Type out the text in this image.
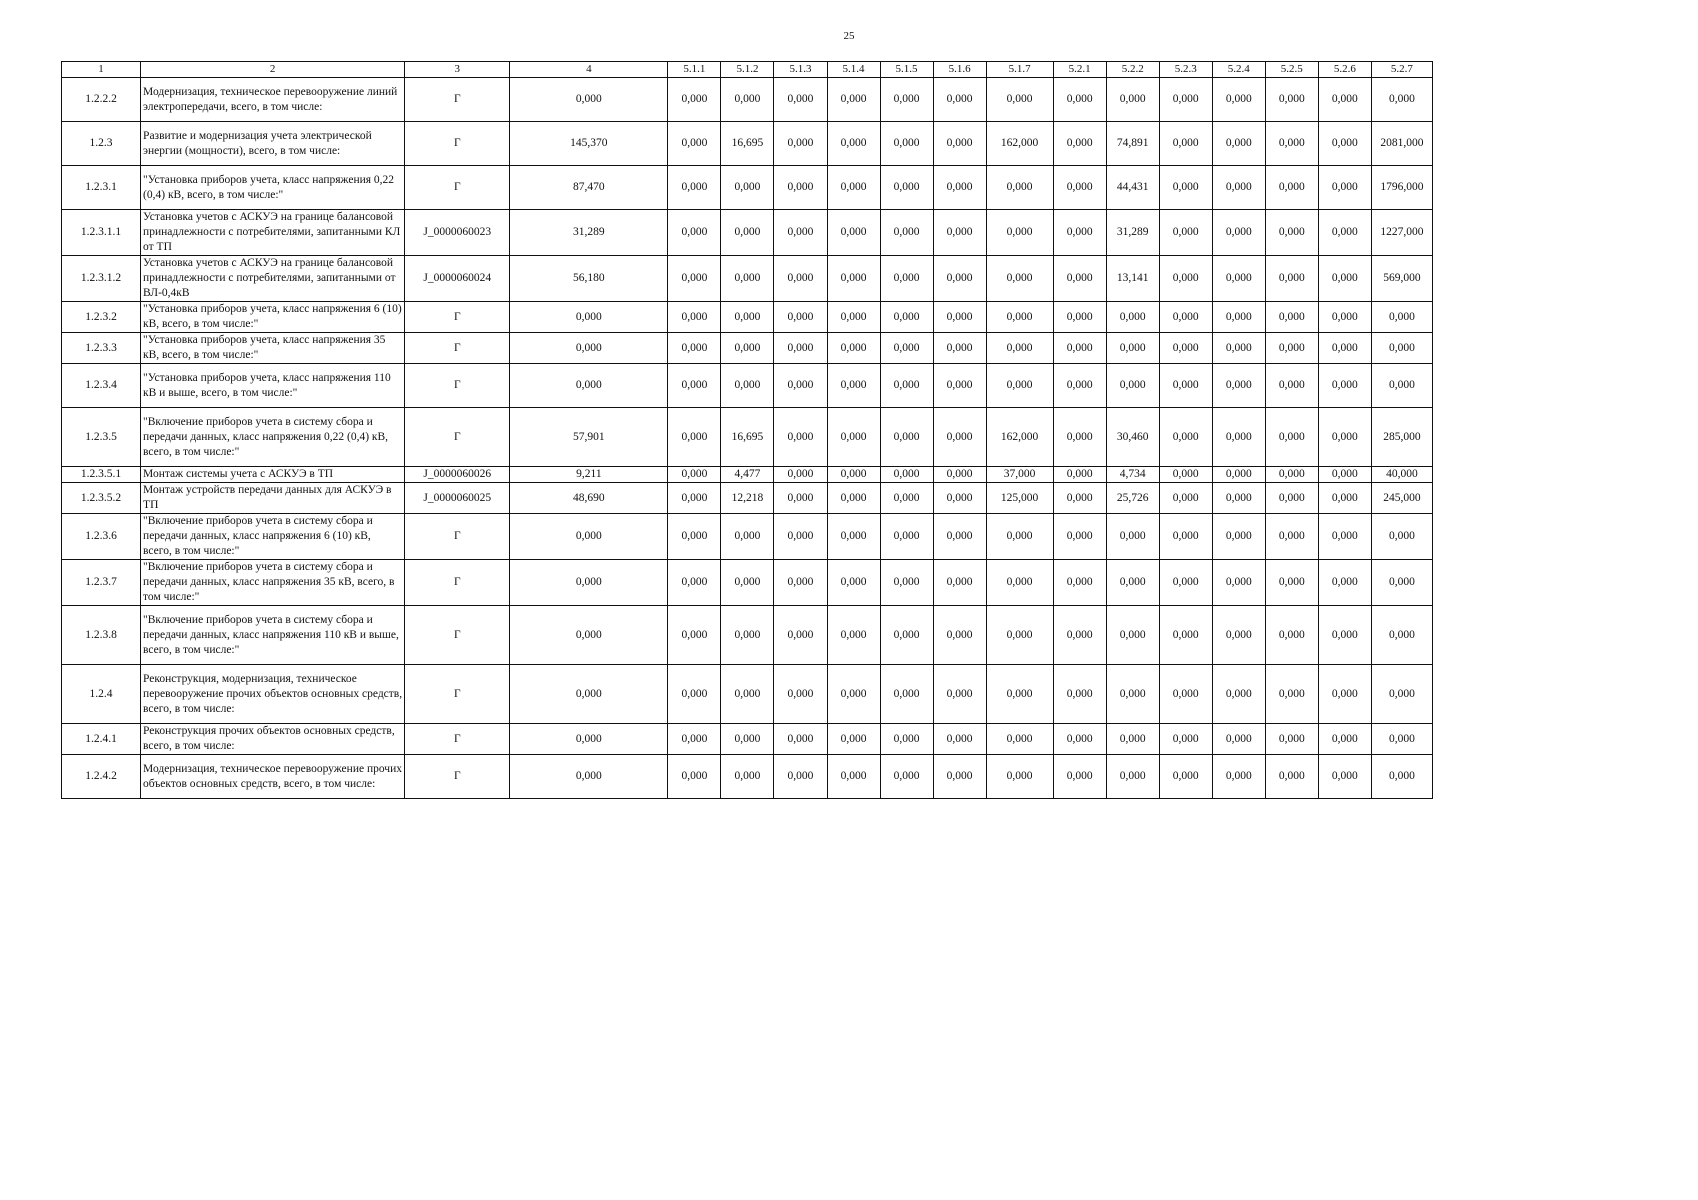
25
1	2	3	4	5.1.1	5.1.2	5.1.3	5.1.4	5.1.5	5.1.6	5.1.7	5.2.1	5.2.2	5.2.3	5.2.4	5.2.5	5.2.6	5.2.7
1.2.2.2	Модернизация, техническое перевооружение линий электропередачи, всего, в том числе:	Г	0,000	0,000	0,000	0,000	0,000	0,000	0,000	0,000	0,000	0,000	0,000	0,000	0,000	0,000	0,000
1.2.3	Развитие и модернизация учета электрической энергии (мощности), всего, в том числе:	Г	145,370	0,000	16,695	0,000	0,000	0,000	0,000	162,000	0,000	74,891	0,000	0,000	0,000	0,000	2081,000
1.2.3.1	"Установка приборов учета, класс напряжения 0,22 (0,4) кВ, всего, в том числе:"	Г	87,470	0,000	0,000	0,000	0,000	0,000	0,000	0,000	0,000	44,431	0,000	0,000	0,000	0,000	1796,000
1.2.3.1.1	Установка учетов с АСКУЭ на границе балансовой принадлежности с потребителями, запитанными КЛ от ТП	J_0000060023	31,289	0,000	0,000	0,000	0,000	0,000	0,000	0,000	0,000	31,289	0,000	0,000	0,000	0,000	1227,000
1.2.3.1.2	Установка учетов с АСКУЭ на границе балансовой принадлежности с потребителями, запитанными от ВЛ-0,4кВ	J_0000060024	56,180	0,000	0,000	0,000	0,000	0,000	0,000	0,000	0,000	13,141	0,000	0,000	0,000	0,000	569,000
1.2.3.2	"Установка приборов учета, класс напряжения 6 (10) кВ, всего, в том числе:"	Г	0,000	0,000	0,000	0,000	0,000	0,000	0,000	0,000	0,000	0,000	0,000	0,000	0,000	0,000	0,000
1.2.3.3	"Установка приборов учета, класс напряжения 35 кВ, всего, в том числе:"	Г	0,000	0,000	0,000	0,000	0,000	0,000	0,000	0,000	0,000	0,000	0,000	0,000	0,000	0,000	0,000
1.2.3.4	"Установка приборов учета, класс напряжения 110 кВ и выше, всего, в том числе:"	Г	0,000	0,000	0,000	0,000	0,000	0,000	0,000	0,000	0,000	0,000	0,000	0,000	0,000	0,000	0,000
1.2.3.5	"Включение приборов учета в систему сбора и передачи данных, класс напряжения 0,22 (0,4) кВ, всего, в том числе:"	Г	57,901	0,000	16,695	0,000	0,000	0,000	0,000	162,000	0,000	30,460	0,000	0,000	0,000	0,000	285,000
1.2.3.5.1	Монтаж системы учета с АСКУЭ в ТП	J_0000060026	9,211	0,000	4,477	0,000	0,000	0,000	0,000	37,000	0,000	4,734	0,000	0,000	0,000	0,000	40,000
1.2.3.5.2	Монтаж устройств передачи данных для АСКУЭ в ТП	J_0000060025	48,690	0,000	12,218	0,000	0,000	0,000	0,000	125,000	0,000	25,726	0,000	0,000	0,000	0,000	245,000
1.2.3.6	"Включение приборов учета в систему сбора и передачи данных, класс напряжения 6 (10) кВ, всего, в том числе:"	Г	0,000	0,000	0,000	0,000	0,000	0,000	0,000	0,000	0,000	0,000	0,000	0,000	0,000	0,000	0,000
1.2.3.7	"Включение приборов учета в систему сбора и передачи данных, класс напряжения 35 кВ, всего, в том числе:"	Г	0,000	0,000	0,000	0,000	0,000	0,000	0,000	0,000	0,000	0,000	0,000	0,000	0,000	0,000	0,000
1.2.3.8	"Включение приборов учета в систему сбора и передачи данных, класс напряжения 110 кВ и выше, всего, в том числе:"	Г	0,000	0,000	0,000	0,000	0,000	0,000	0,000	0,000	0,000	0,000	0,000	0,000	0,000	0,000	0,000
1.2.4	Реконструкция, модернизация, техническое перевооружение прочих объектов основных средств, всего, в том числе:	Г	0,000	0,000	0,000	0,000	0,000	0,000	0,000	0,000	0,000	0,000	0,000	0,000	0,000	0,000	0,000
1.2.4.1	Реконструкция прочих объектов основных средств, всего, в том числе:	Г	0,000	0,000	0,000	0,000	0,000	0,000	0,000	0,000	0,000	0,000	0,000	0,000	0,000	0,000	0,000
1.2.4.2	Модернизация, техническое перевооружение прочих объектов основных средств, всего, в том числе:	Г	0,000	0,000	0,000	0,000	0,000	0,000	0,000	0,000	0,000	0,000	0,000	0,000	0,000	0,000	0,000
